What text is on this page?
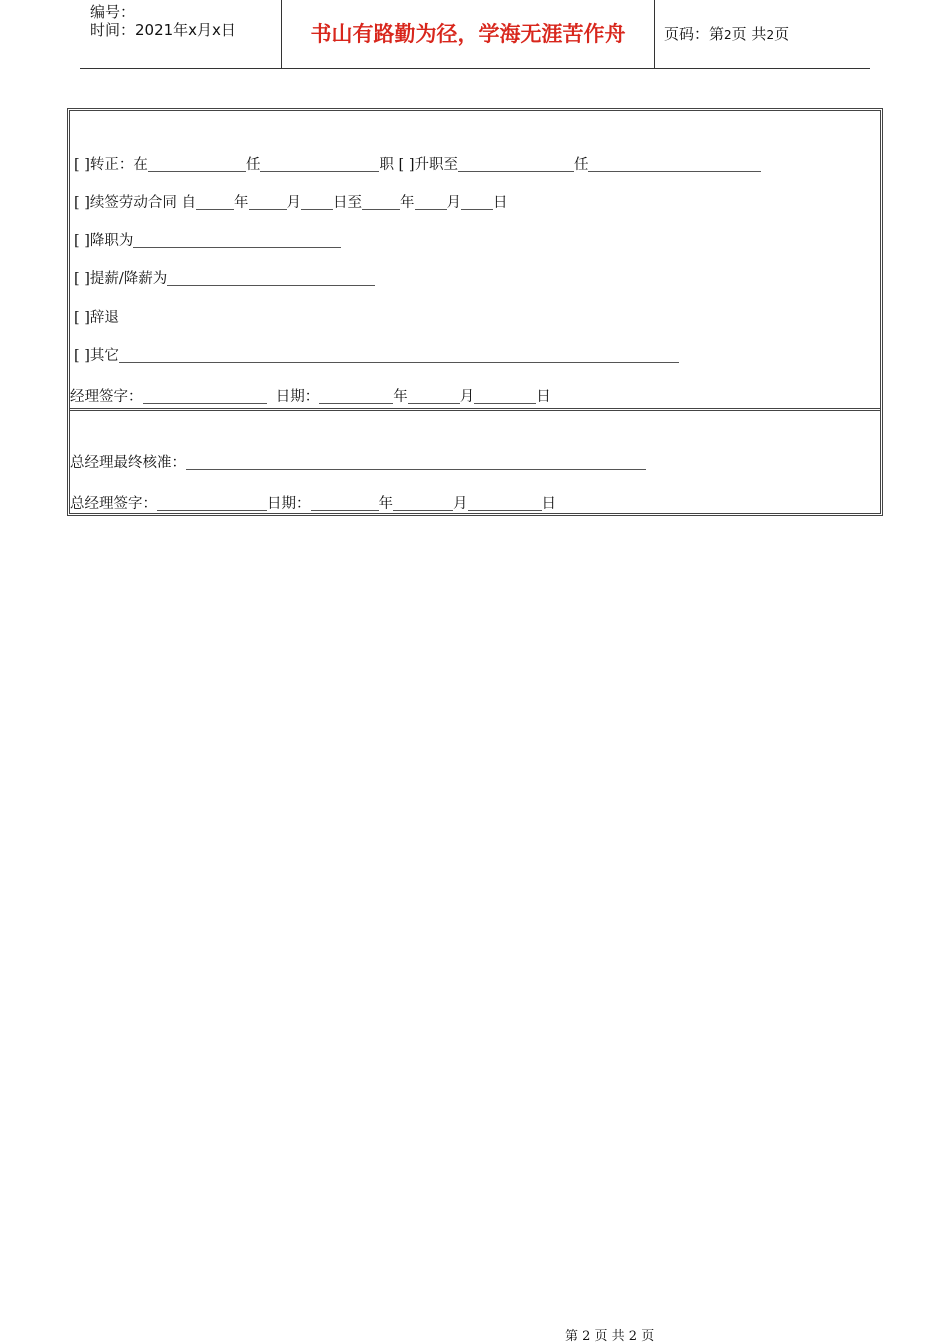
编号：
时间：2021年x月x日	书山有路勤为径，学海无涯苦作舟	页码：第2页 共2页
[ ]转正：在	任	职 [ ]升职至	任
[ ]续签劳动合同 自	年	月 日至	年 月 日
[ ]降职为
[ ]提薪/降薪为
[ ]辞退
[ ]其它
经理签字：	日期：	年	月	日
总经理最终核准：
总经理签字：	日期：	年	月	日
第 2 页 共 2 页
